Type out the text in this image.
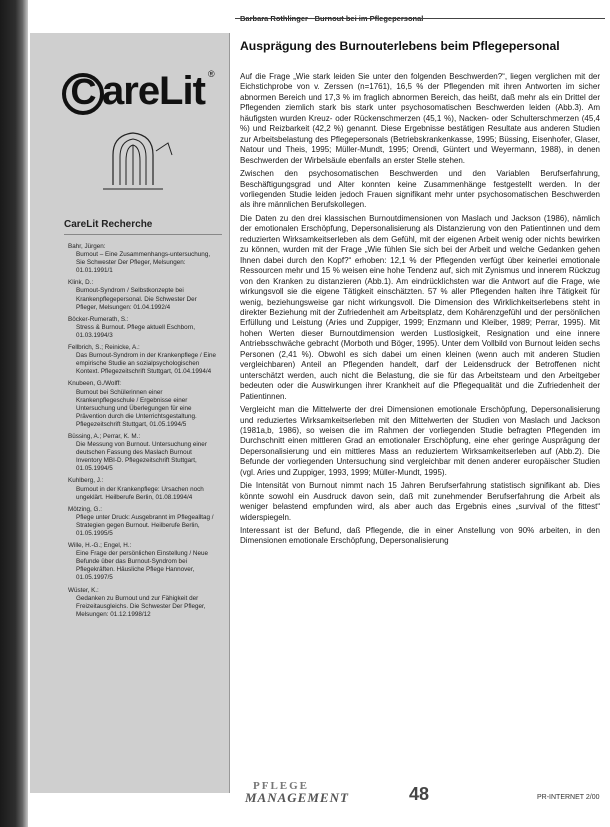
C areLit ®
CareLit Recherche
Bahr, Jürgen:
Burnout – Eine Zusammenhangs-untersuchung, Sie Schwester Der Pfleger, Melsungen: 01.01.1991/1
Klink, D.:
Burnout-Syndrom / Selbstkonzepte bei Krankenpflegepersonal. Die Schwester Der Pfleger, Melsungen: 01.04.1992/4
Böcker-Rumerath, S.:
Stress & Burnout. Pflege aktuell Eschborn, 01.03.1994/3
Fellbrich, S.; Reinicke, A.:
Das Burnout-Syndrom in der Krankenpflege / Eine empirische Studie an sozialpsychologischen Kontext. Pflegezeitschrift Stuttgart, 01.04.1994/4
Knubeen, G./Wolff:
Burnout bei Schülerinnen einer Krankenpflegeschule / Ergebnisse einer Untersuchung und Überlegungen für eine Prävention durch die Unterrichtsgestaltung. Pflegezeitschrift Stuttgart, 01.05.1994/5
Büssing, A.; Perrar, K. M.:
Die Messung von Burnout. Untersuchung einer deutschen Fassung des Maslach Burnout Inventory MBI-D. Pflegezeitschrift Stuttgart, 01.05.1994/5
Kuhlberg, J.:
Burnout in der Krankenpflege: Ursachen noch ungeklärt. Heilberufe Berlin, 01.08.1994/4
Mötzing, G.:
Pflege unter Druck: Ausgebrannt im Pflegealltag / Strategien gegen Burnout. Heilberufe Berlin, 01.05.1995/5
Wille, H.-G.; Engel, H.:
Eine Frage der persönlichen Einstellung / Neue Befunde über das Burnout-Syndrom bei Pflegekräften. Häusliche Pflege Hannover, 01.05.1997/5
Wüster, K.:
Gedanken zu Burnout und zur Fähigkeit der Freizeitausgleichs. Die Schwester Der Pfleger, Melsungen: 01.12.1998/12
Ausprägung des Burnouterlebens beim Pflegepersonal

Auf die Frage „Wie stark leiden Sie unter den folgenden Beschwerden?“, liegen verglichen mit der Eichstichprobe von v. Zerssen (n=1761), 16,5 % der Pflegenden mit ihren Antworten im sicher abnormen Bereich und 17,3 % im fraglich abnormen Bereich, das heißt, daß mehr als ein Drittel der Pflegenden ziemlich stark bis stark unter psychosomatischen Beschwerden leiden (Abb.3). Am häufigsten wurden Kreuz- oder Rückenschmerzen (45,1 %), Nacken- oder Schulterschmerzen (45,4 %) und Reizbarkeit (42,2 %) genannt. Diese Ergebnisse bestätigen Resultate aus anderen Studien zur Arbeitsbelastung des Pflegepersonals (Betriebskrankenkasse, 1995; Büssing, Eisenhofer, Glaser, Natour und Theis, 1995; Müller-Mundt, 1995; Orendi, Güntert und Weyermann, 1988), in denen Beschwerden der Wirbelsäule ebenfalls an erster Stelle stehen.

Zwischen den psychosomatischen Beschwerden und den Variablen Berufserfahrung, Beschäftigungsgrad und Alter konnten keine Zusammenhänge festgestellt werden. In der vorliegenden Studie leiden jedoch Frauen signifikant mehr unter psychosomatischen Beschwerden als ihre männlichen Berufskollegen.

Die Daten zu den drei klassischen Burnoutdimensionen von Maslach und Jackson (1986), nämlich der emotionalen Erschöpfung, Depersonalisierung als Distanzierung von den Patientinnen und dem reduzierten Wirksamkeitserleben als dem Gefühl, mit der eigenen Arbeit wenig oder nichts bewirken zu können, wurden mit der Frage „Wie fühlen Sie sich bei der Arbeit und welche Gedanken gehen Ihnen dabei durch den Kopf?“ erhoben: 12,1 % der Pflegenden verfügt über keinerlei emotionale Ressourcen mehr und 15 % weisen eine hohe Tendenz auf, sich mit Zynismus und innerem Rückzug von den Kranken zu distanzieren (Abb.1). Am eindrücklichsten war die Antwort auf die Frage, wie wirkungsvoll sie die eigene Tätigkeit einschätzten. 57 % aller Pflegenden halten ihre Tätigkeit für wenig, beziehungsweise gar nicht wirkungsvoll. Die Dimension des Wirklichkeitserlebens steht in direkter Beziehung mit der Zufriedenheit am Arbeitsplatz, dem Kohärenzgefühl und der persönlichen Erfüllung und Leistung (Aries und Zuppiger, 1999; Enzmann und Kleiber, 1989; Perrar, 1995). Mit hohen Werten dieser Burnoutdimension werden Lustlosigkeit, Resignation und eine innere Antriebsschwäche gebracht (Morboth und Böger, 1995). Unter dem Vollbild von Burnout leiden sechs Personen (2,41 %). Obwohl es sich dabei um einen kleinen (wenn auch mit anderen Studien vergleichbaren) Anteil an Pflegenden handelt, darf der Leidensdruck der Betroffenen nicht unterschätzt werden, auch nicht die Belastung, die sie für das Arbeitsteam und den Arbeitgeber bedeuten oder die Auswirkungen ihrer Krankheit auf die Pflegequalität und die Zufriedenheit der Patientinnen.

Vergleicht man die Mittelwerte der drei Dimensionen emotionale Erschöpfung, Depersonalisierung und reduziertes Wirksamkeitserleben mit den Mittelwerten der Studien von Maslach und Jackson (1981a,b, 1986), so weisen die im Rahmen der vorliegenden Studie befragten Pflegenden im Durchschnitt einen mittleren Grad an emotionaler Erschöpfung, eine eher geringe Ausprägung der Depersonalisierung und ein mittleres Mass an reduziertem Wirksamkeitserleben auf (Abb.2). Die Befunde der vorliegenden Untersuchung sind vergleichbar mit denen anderer europäischer Studien (vgl. Aries und Zuppiger, 1993, 1999; Müller-Mundt, 1995).

Die Intensität von Burnout nimmt nach 15 Jahren Berufserfahrung statistisch signifikant ab. Dies könnte sowohl ein Ausdruck davon sein, daß mit zunehmender Berufserfahrung die Arbeit als weniger belastend empfunden wird, als aber auch das Ergebnis eines „survival of the fittest“ widerspiegeln.

Interessant ist der Befund, daß Pflegende, die in einer Anstellung von 90% arbeiten, in den Dimensionen emotionale Erschöpfung, Depersonalisierung

PFLEGE
MANAGEMENT	48	PR-INTERNET 2/00
